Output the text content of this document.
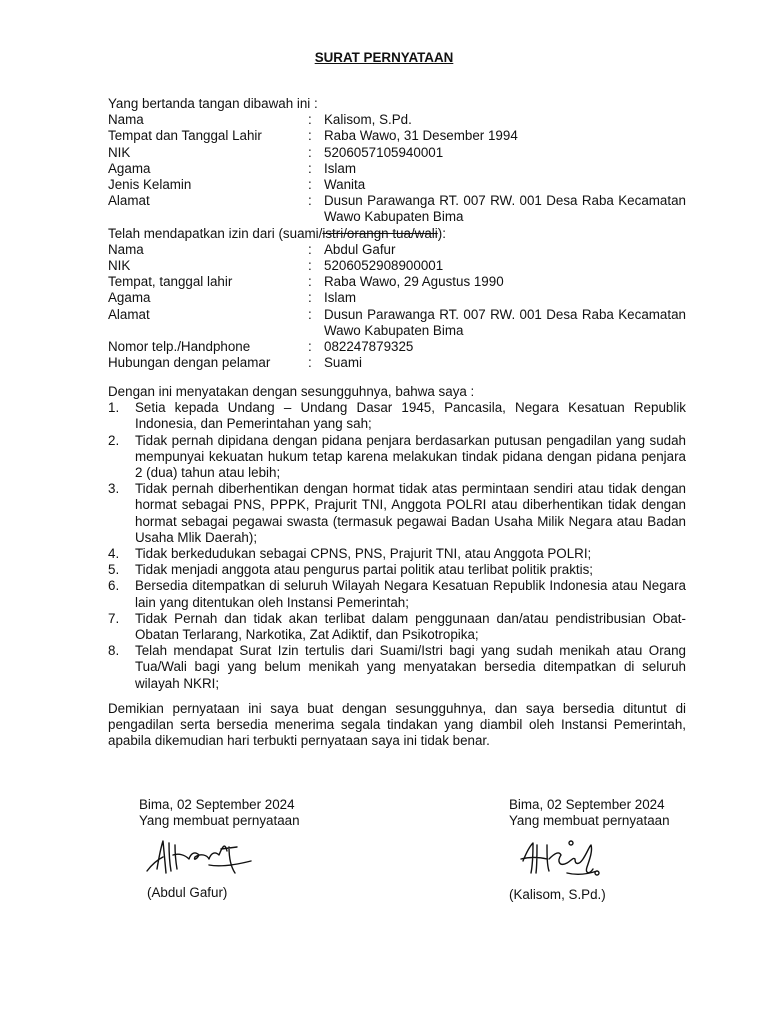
SURAT PERNYATAAN
Yang bertanda tangan dibawah ini :
Nama	: Kalisom, S.Pd.
Tempat dan Tanggal Lahir	: Raba Wawo, 31 Desember 1994
NIK	: 5206057105940001
Agama	: Islam
Jenis Kelamin	: Wanita
Alamat	: Dusun Parawanga RT. 007 RW. 001 Desa Raba Kecamatan Wawo Kabupaten Bima
Telah mendapatkan izin dari (suami/istri/orangn tua/wali):
Nama	: Abdul Gafur
NIK	: 5206052908900001
Tempat, tanggal lahir	: Raba Wawo, 29 Agustus 1990
Agama	: Islam
Alamat	: Dusun Parawanga RT. 007 RW. 001 Desa Raba Kecamatan Wawo Kabupaten Bima
Nomor telp./Handphone	: 082247879325
Hubungan dengan pelamar	: Suami
Dengan ini menyatakan dengan sesungguhnya, bahwa saya :
1.	Setia kepada Undang – Undang Dasar 1945, Pancasila, Negara Kesatuan Republik Indonesia, dan Pemerintahan yang sah;
2.	Tidak pernah dipidana dengan pidana penjara berdasarkan putusan pengadilan yang sudah mempunyai kekuatan hukum tetap karena melakukan tindak pidana dengan pidana penjara 2 (dua) tahun atau lebih;
3.	Tidak pernah diberhentikan dengan hormat tidak atas permintaan sendiri atau tidak dengan hormat sebagai PNS, PPPK, Prajurit TNI, Anggota POLRI atau diberhentikan tidak dengan hormat sebagai pegawai swasta (termasuk pegawai Badan Usaha Milik Negara atau Badan Usaha Mlik Daerah);
4.	Tidak berkedudukan sebagai CPNS, PNS, Prajurit TNI, atau Anggota POLRI;
5.	Tidak menjadi anggota atau pengurus partai politik atau terlibat politik praktis;
6.	Bersedia ditempatkan di seluruh Wilayah Negara Kesatuan Republik Indonesia atau Negara lain yang ditentukan oleh Instansi Pemerintah;
7.	Tidak Pernah dan tidak akan terlibat dalam penggunaan dan/atau pendistribusian Obat-Obatan Terlarang, Narkotika, Zat Adiktif, dan Psikotropika;
8.	Telah mendapat Surat Izin tertulis dari Suami/Istri bagi yang sudah menikah atau Orang Tua/Wali bagi yang belum menikah yang menyatakan bersedia ditempatkan di seluruh wilayah NKRI;
Demikian pernyataan ini saya buat dengan sesungguhnya, dan saya bersedia dituntut di pengadilan serta bersedia menerima segala tindakan yang diambil oleh Instansi Pemerintah, apabila dikemudian hari terbukti pernyataan saya ini tidak benar.
Bima, 02 September 2024
Yang membuat pernyataan
(Abdul Gafur)
Bima, 02 September 2024
Yang membuat pernyataan
(Kalisom, S.Pd.)
